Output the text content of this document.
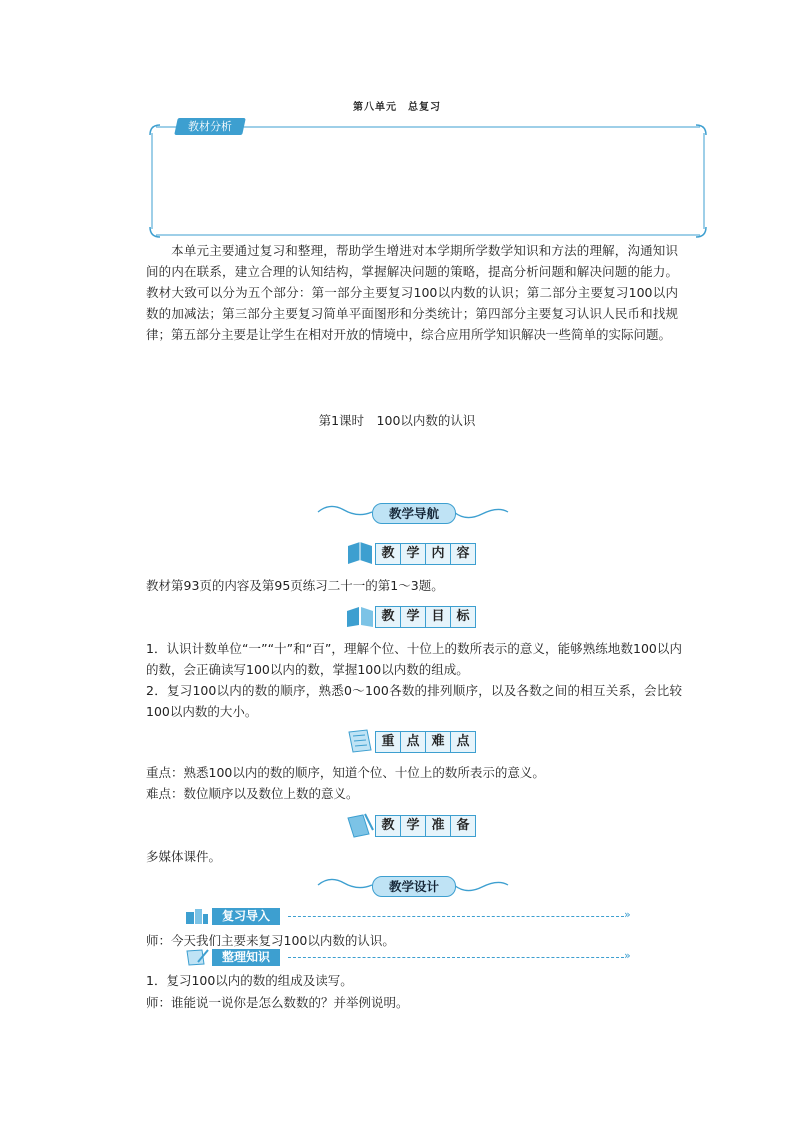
第八单元　总复习
教材分析
本单元主要通过复习和整理，帮助学生增进对本学期所学数学知识和方法的理解，沟通知识间的内在联系，建立合理的认知结构，掌握解决问题的策略，提高分析问题和解决问题的能力。教材大致可以分为五个部分：第一部分主要复习100以内数的认识；第二部分主要复习100以内数的加减法；第三部分主要复习简单平面图形和分类统计；第四部分主要复习认识人民币和找规律；第五部分主要是让学生在相对开放的情境中，综合应用所学知识解决一些简单的实际问题。
第1课时　100以内数的认识
教学导航
教 学 内 容
教材第93页的内容及第95页练习二十一的第1～3题。
教 学 目 标
1．认识计数单位“一”“十”和“百”，理解个位、十位上的数所表示的意义，能够熟练地数100以内的数，会正确读写100以内的数，掌握100以内数的组成。
2．复习100以内的数的顺序，熟悉0～100各数的排列顺序，以及各数之间的相互关系，会比较100以内数的大小。
重 点 难 点
重点：熟悉100以内的数的顺序，知道个位、十位上的数所表示的意义。
难点：数位顺序以及数位上数的意义。
教 学 准 备
多媒体课件。
教学设计
复习导入	»
师：今天我们主要来复习100以内数的认识。
整理知识	»
1．复习100以内的数的组成及读写。
师：谁能说一说你是怎么数数的？并举例说明。
